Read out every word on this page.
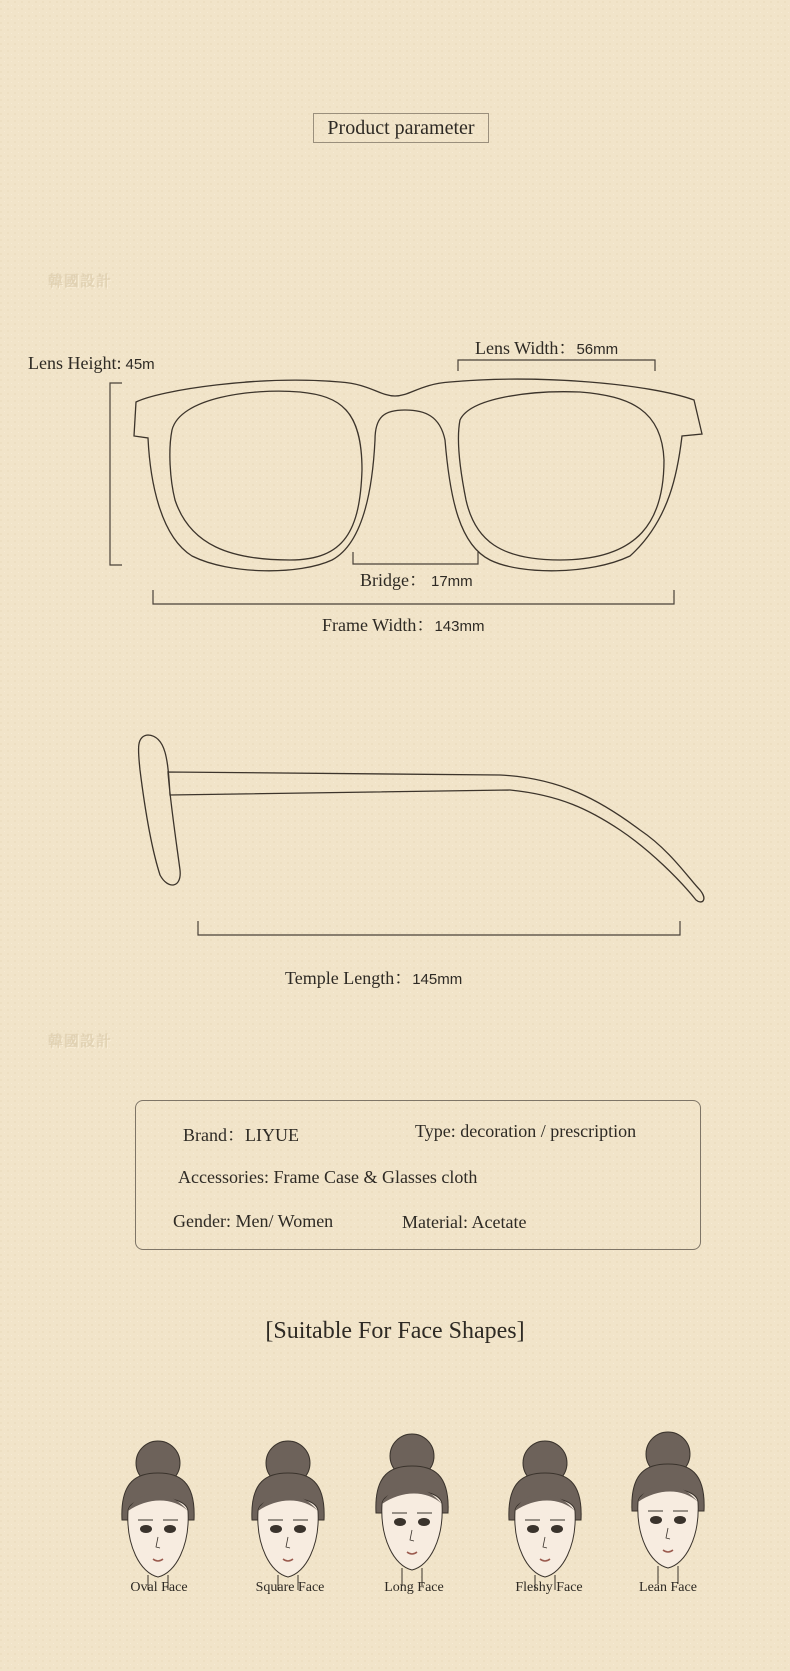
Product parameter
韓國設計
Lens Height: 45m
Lens Width：56mm
Bridge： 17mm
Frame Width：143mm
Temple Length：145mm
韓國設計
Brand：LIYUE	Type: decoration / prescription
Accessories: Frame Case & Glasses cloth
Gender: Men/ Women	Material: Acetate
[Suitable For Face Shapes]
Oval Face	Square Face	Long Face	Fleshy Face	Lean Face
